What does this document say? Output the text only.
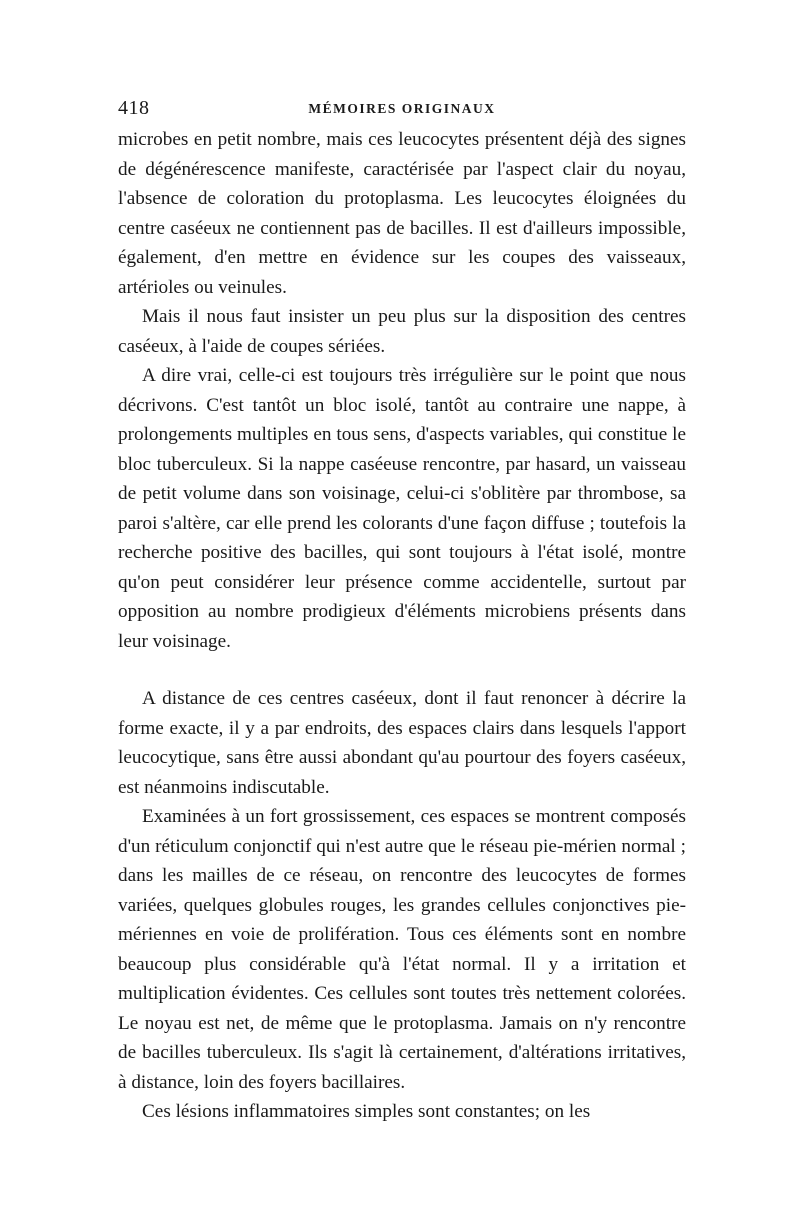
418	MÉMOIRES ORIGINAUX

microbes en petit nombre, mais ces leucocytes présentent déjà des signes de dégénérescence manifeste, caractérisée par l'aspect clair du noyau, l'absence de coloration du protoplasma. Les leucocytes éloignées du centre caséeux ne contiennent pas de bacilles. Il est d'ailleurs impossible, également, d'en mettre en évidence sur les coupes des vaisseaux, artérioles ou veinules.

Mais il nous faut insister un peu plus sur la disposition des centres caséeux, à l'aide de coupes sériées.

A dire vrai, celle-ci est toujours très irrégulière sur le point que nous décrivons. C'est tantôt un bloc isolé, tantôt au contraire une nappe, à prolongements multiples en tous sens, d'aspects variables, qui constitue le bloc tuberculeux. Si la nappe caséeuse rencontre, par hasard, un vaisseau de petit volume dans son voisinage, celui-ci s'oblitère par thrombose, sa paroi s'altère, car elle prend les colorants d'une façon diffuse ; toutefois la recherche positive des bacilles, qui sont toujours à l'état isolé, montre qu'on peut considérer leur présence comme accidentelle, surtout par opposition au nombre prodigieux d'éléments microbiens présents dans leur voisinage.

A distance de ces centres caséeux, dont il faut renoncer à décrire la forme exacte, il y a par endroits, des espaces clairs dans lesquels l'apport leucocytique, sans être aussi abondant qu'au pourtour des foyers caséeux, est néanmoins indiscutable.

Examinées à un fort grossissement, ces espaces se montrent composés d'un réticulum conjonctif qui n'est autre que le réseau pie-mérien normal ; dans les mailles de ce réseau, on rencontre des leucocytes de formes variées, quelques globules rouges, les grandes cellules conjonctives pie-mériennes en voie de prolifération. Tous ces éléments sont en nombre beaucoup plus considérable qu'à l'état normal. Il y a irritation et multiplication évidentes. Ces cellules sont toutes très nettement colorées. Le noyau est net, de même que le protoplasma. Jamais on n'y rencontre de bacilles tuberculeux. Ils s'agit là certainement, d'altérations irritatives, à distance, loin des foyers bacillaires.

Ces lésions inflammatoires simples sont constantes; on les
